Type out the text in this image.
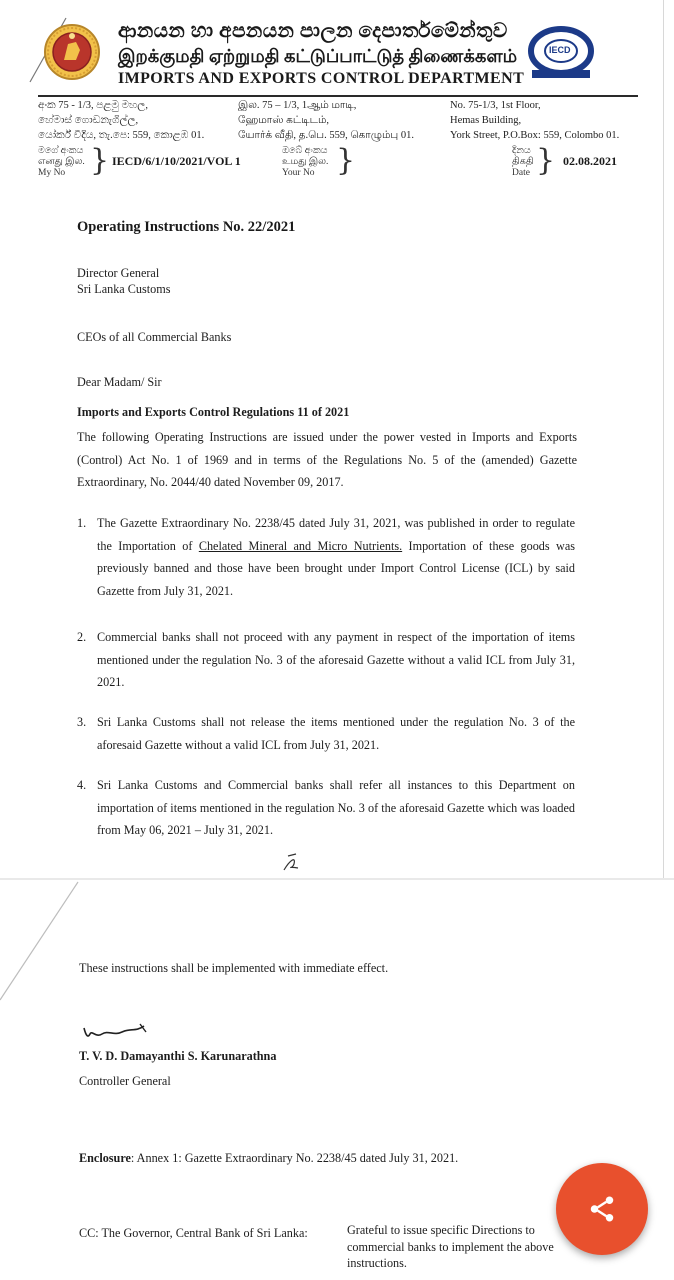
ආනයන හා අපනයන පාලන දෙපාර්තමේන්තුව
இறக்குமதி ஏற்றுமதி கட்டுப்பாட்டுத் திணைக்களம்
IMPORTS AND EXPORTS CONTROL DEPARTMENT
IECD
අංක 75 - 1/3, පළමු මහල,
හේමාස් ගොඩනැගිල්ල,
යෝර්ක් වීදිය, තැ.පෙ: 559, කොළඹ 01.
இல. 75 – 1/3, 1ஆம் மாடி,
ஹேமாஸ் கட்டிடம்,
யோர்க் வீதி, த.பெ. 559, கொழும்பு 01.
No. 75-1/3, 1st Floor,
Hemas Building,
York Street, P.O.Box: 559, Colombo 01.
මගේ අංකය
எனது இல.
My No } IECD/6/1/10/2021/VOL 1
ඔබේ අංකය
உமது இல.
Your No }	දිනය
திகதி
Date } 02.08.2021
Operating Instructions No. 22/2021
Director General
Sri Lanka Customs
CEOs of all Commercial Banks
Dear Madam/ Sir
Imports and Exports Control Regulations 11 of 2021
The following Operating Instructions are issued under the power vested in Imports and Exports (Control) Act No. 1 of 1969 and in terms of the Regulations No. 5 of the (amended) Gazette Extraordinary, No. 2044/40 dated November 09, 2017.
1. The Gazette Extraordinary No. 2238/45 dated July 31, 2021, was published in order to regulate the Importation of Chelated Mineral and Micro Nutrients. Importation of these goods was previously banned and those have been brought under Import Control License (ICL) by said Gazette from July 31, 2021.
2. Commercial banks shall not proceed with any payment in respect of the importation of items mentioned under the regulation No. 3 of the aforesaid Gazette without a valid ICL from July 31, 2021.
3. Sri Lanka Customs shall not release the items mentioned under the regulation No. 3 of the aforesaid Gazette without a valid ICL from July 31, 2021.
4. Sri Lanka Customs and Commercial banks shall refer all instances to this Department on importation of items mentioned in the regulation No. 3 of the aforesaid Gazette which was loaded from May 06, 2021 – July 31, 2021.
These instructions shall be implemented with immediate effect.
T. V. D. Damayanthi S. Karunarathna
Controller General
Enclosure: Annex 1: Gazette Extraordinary No. 2238/45 dated July 31, 2021.
CC: The Governor, Central Bank of Sri Lanka:	Grateful to issue specific Directions to
commercial banks to implement the above
instructions.
